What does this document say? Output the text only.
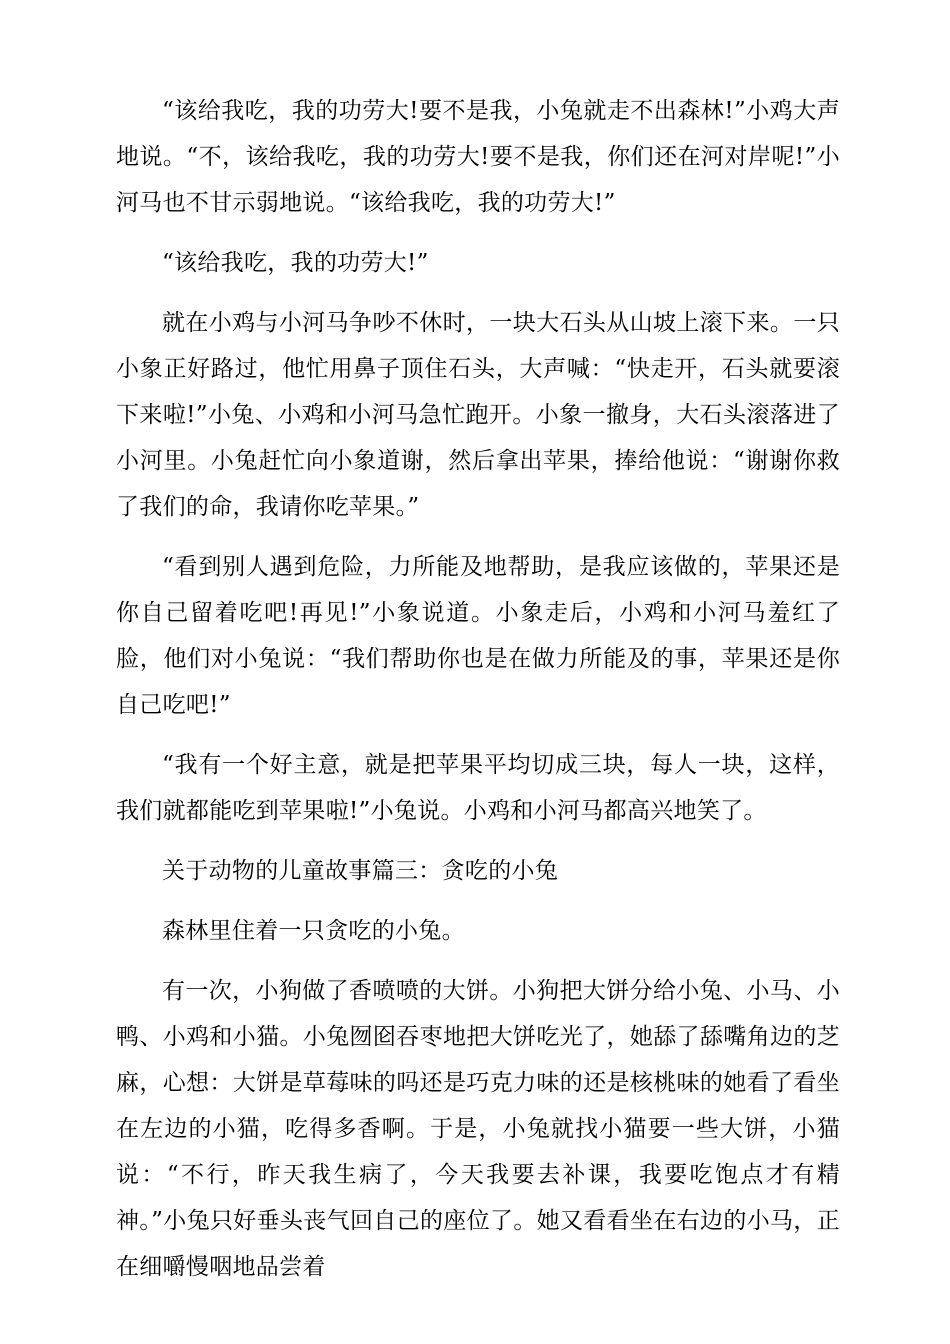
“该给我吃，我的功劳大!要不是我，小兔就走不出森林!”小鸡大声地说。“不，该给我吃，我的功劳大!要不是我，你们还在河对岸呢!”小河马也不甘示弱地说。“该给我吃，我的功劳大!”

“该给我吃，我的功劳大!”

就在小鸡与小河马争吵不休时，一块大石头从山坡上滚下来。一只小象正好路过，他忙用鼻子顶住石头，大声喊：“快走开，石头就要滚下来啦!”小兔、小鸡和小河马急忙跑开。小象一撤身，大石头滚落进了小河里。小兔赶忙向小象道谢，然后拿出苹果，捧给他说：“谢谢你救了我们的命，我请你吃苹果。”

“看到别人遇到危险，力所能及地帮助，是我应该做的，苹果还是你自己留着吃吧!再见!”小象说道。小象走后，小鸡和小河马羞红了脸，他们对小兔说：“我们帮助你也是在做力所能及的事，苹果还是你自己吃吧!”

“我有一个好主意，就是把苹果平均切成三块，每人一块，这样，我们就都能吃到苹果啦!”小兔说。小鸡和小河马都高兴地笑了。

关于动物的儿童故事篇三：贪吃的小兔

森林里住着一只贪吃的小兔。

有一次，小狗做了香喷喷的大饼。小狗把大饼分给小兔、小马、小鸭、小鸡和小猫。小兔囫囵吞枣地把大饼吃光了，她舔了舔嘴角边的芝麻，心想：大饼是草莓味的吗还是巧克力味的还是核桃味的她看了看坐在左边的小猫，吃得多香啊。于是，小兔就找小猫要一些大饼，小猫说：“不行，昨天我生病了，今天我要去补课，我要吃饱点才有精神。”小兔只好垂头丧气回自己的座位了。她又看看坐在右边的小马，正在细嚼慢咽地品尝着
